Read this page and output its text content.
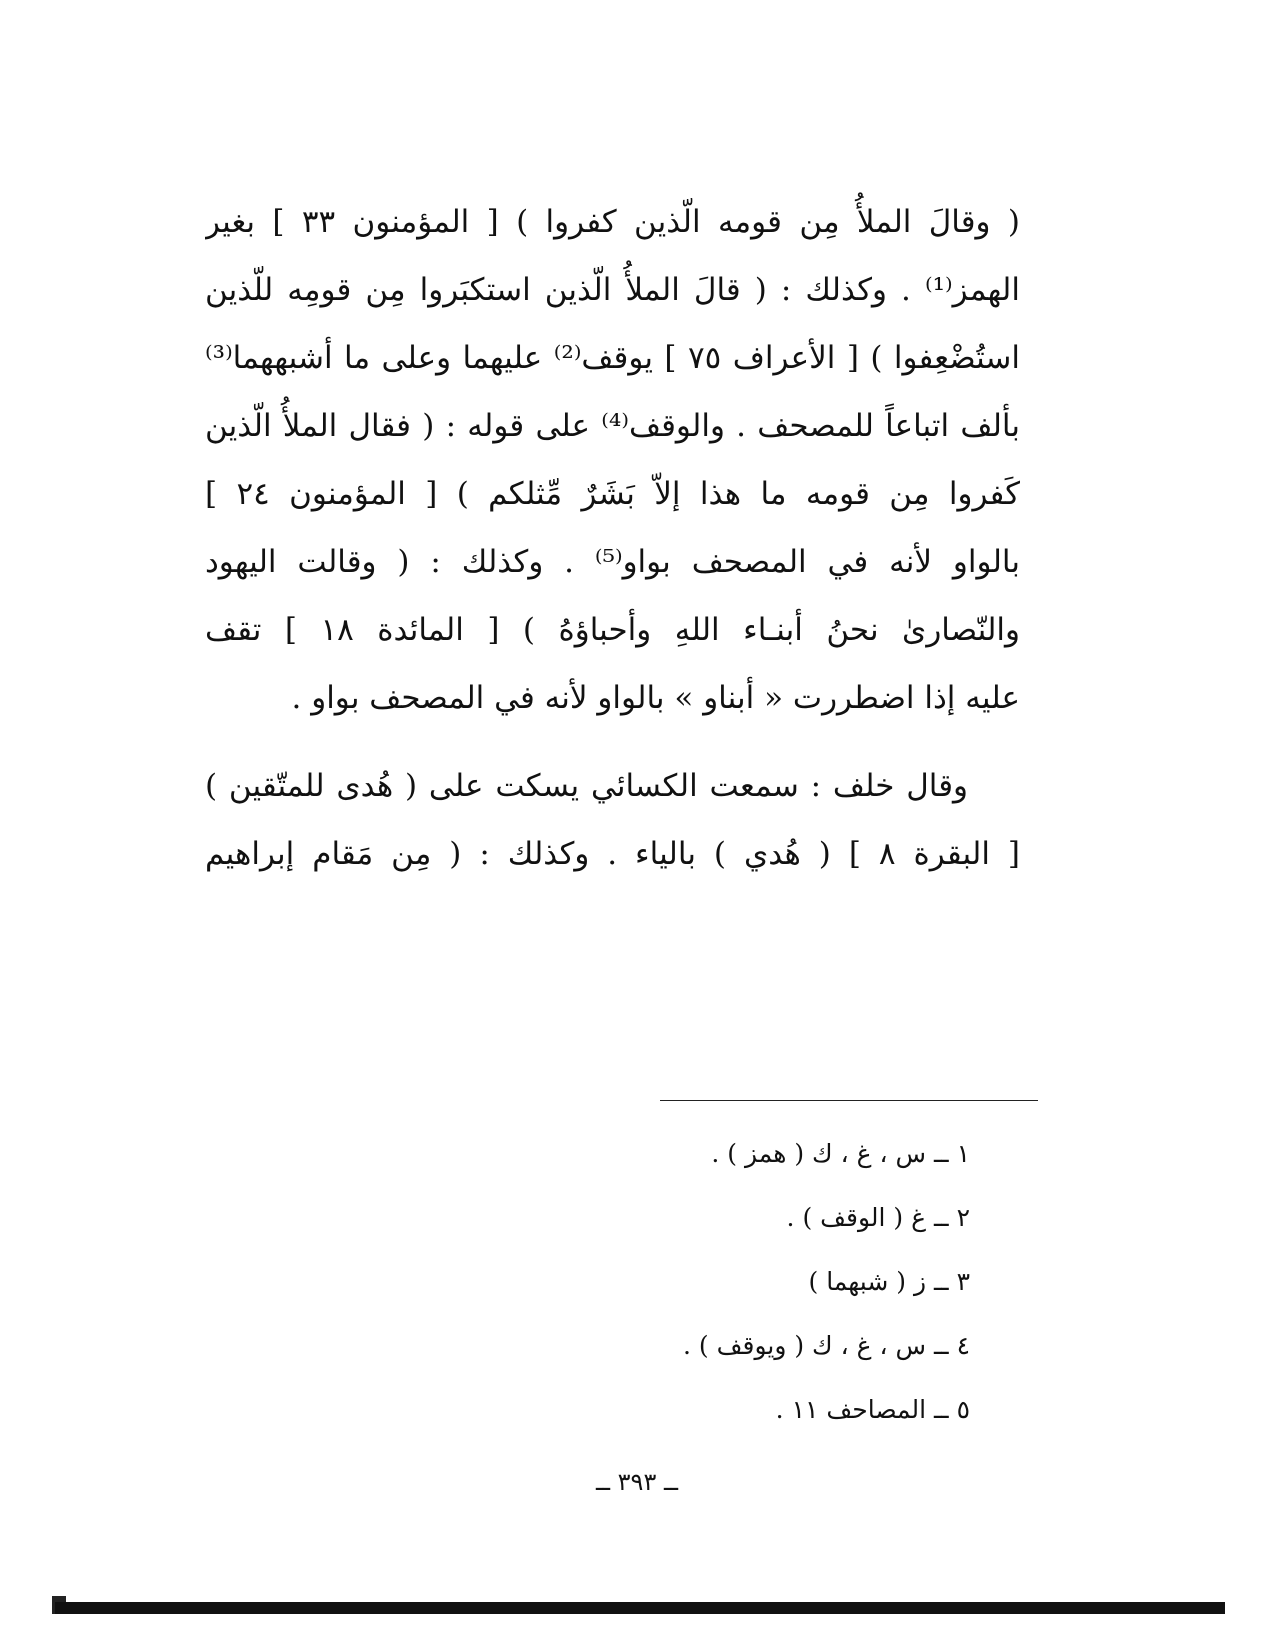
( وقالَ الملأُ مِن قومه الّذين كفروا ) [ المؤمنون ٣٣ ] بغير
الهمز⁽¹⁾ . وكذلك : ( قالَ الملأُ الّذين استكبَروا مِن قومِه للّذين
استُضْعِفوا ) [ الأعراف ٧٥ ] يوقف⁽²⁾ عليهما وعلى ما أشبههما⁽³⁾
بألف اتباعاً للمصحف . والوقف⁽⁴⁾ على قوله : ( فقال الملأُ الّذين
كَفروا مِن قومه ما هذا إلاّ بَشَرٌ مِّثلكم ) [ المؤمنون ٢٤ ]
بالواو لأنه في المصحف بواو⁽⁵⁾ . وكذلك : ( وقالت اليهود
والنّصارىٰ نحنُ أبنـاء اللهِ وأحباؤهُ ) [ المائدة ١٨ ] تقف
عليه إذا اضطررت « أبناو » بالواو لأنه في المصحف بواو .
وقال خلف : سمعت الكسائي يسكت على ( هُدى للمتّقين )
[ البقرة ٨ ] ( هُدي ) بالياء . وكذلك : ( مِن مَقام إبراهيم
١ ــ س ، غ ، ك ( همز ) .
٢ ــ غ ( الوقف ) .
٣ ــ ز ( شبهما )
٤ ــ س ، غ ، ك ( ويوقف ) .
٥ ــ المصاحف ١١ .
ــ ٣٩٣ ــ
